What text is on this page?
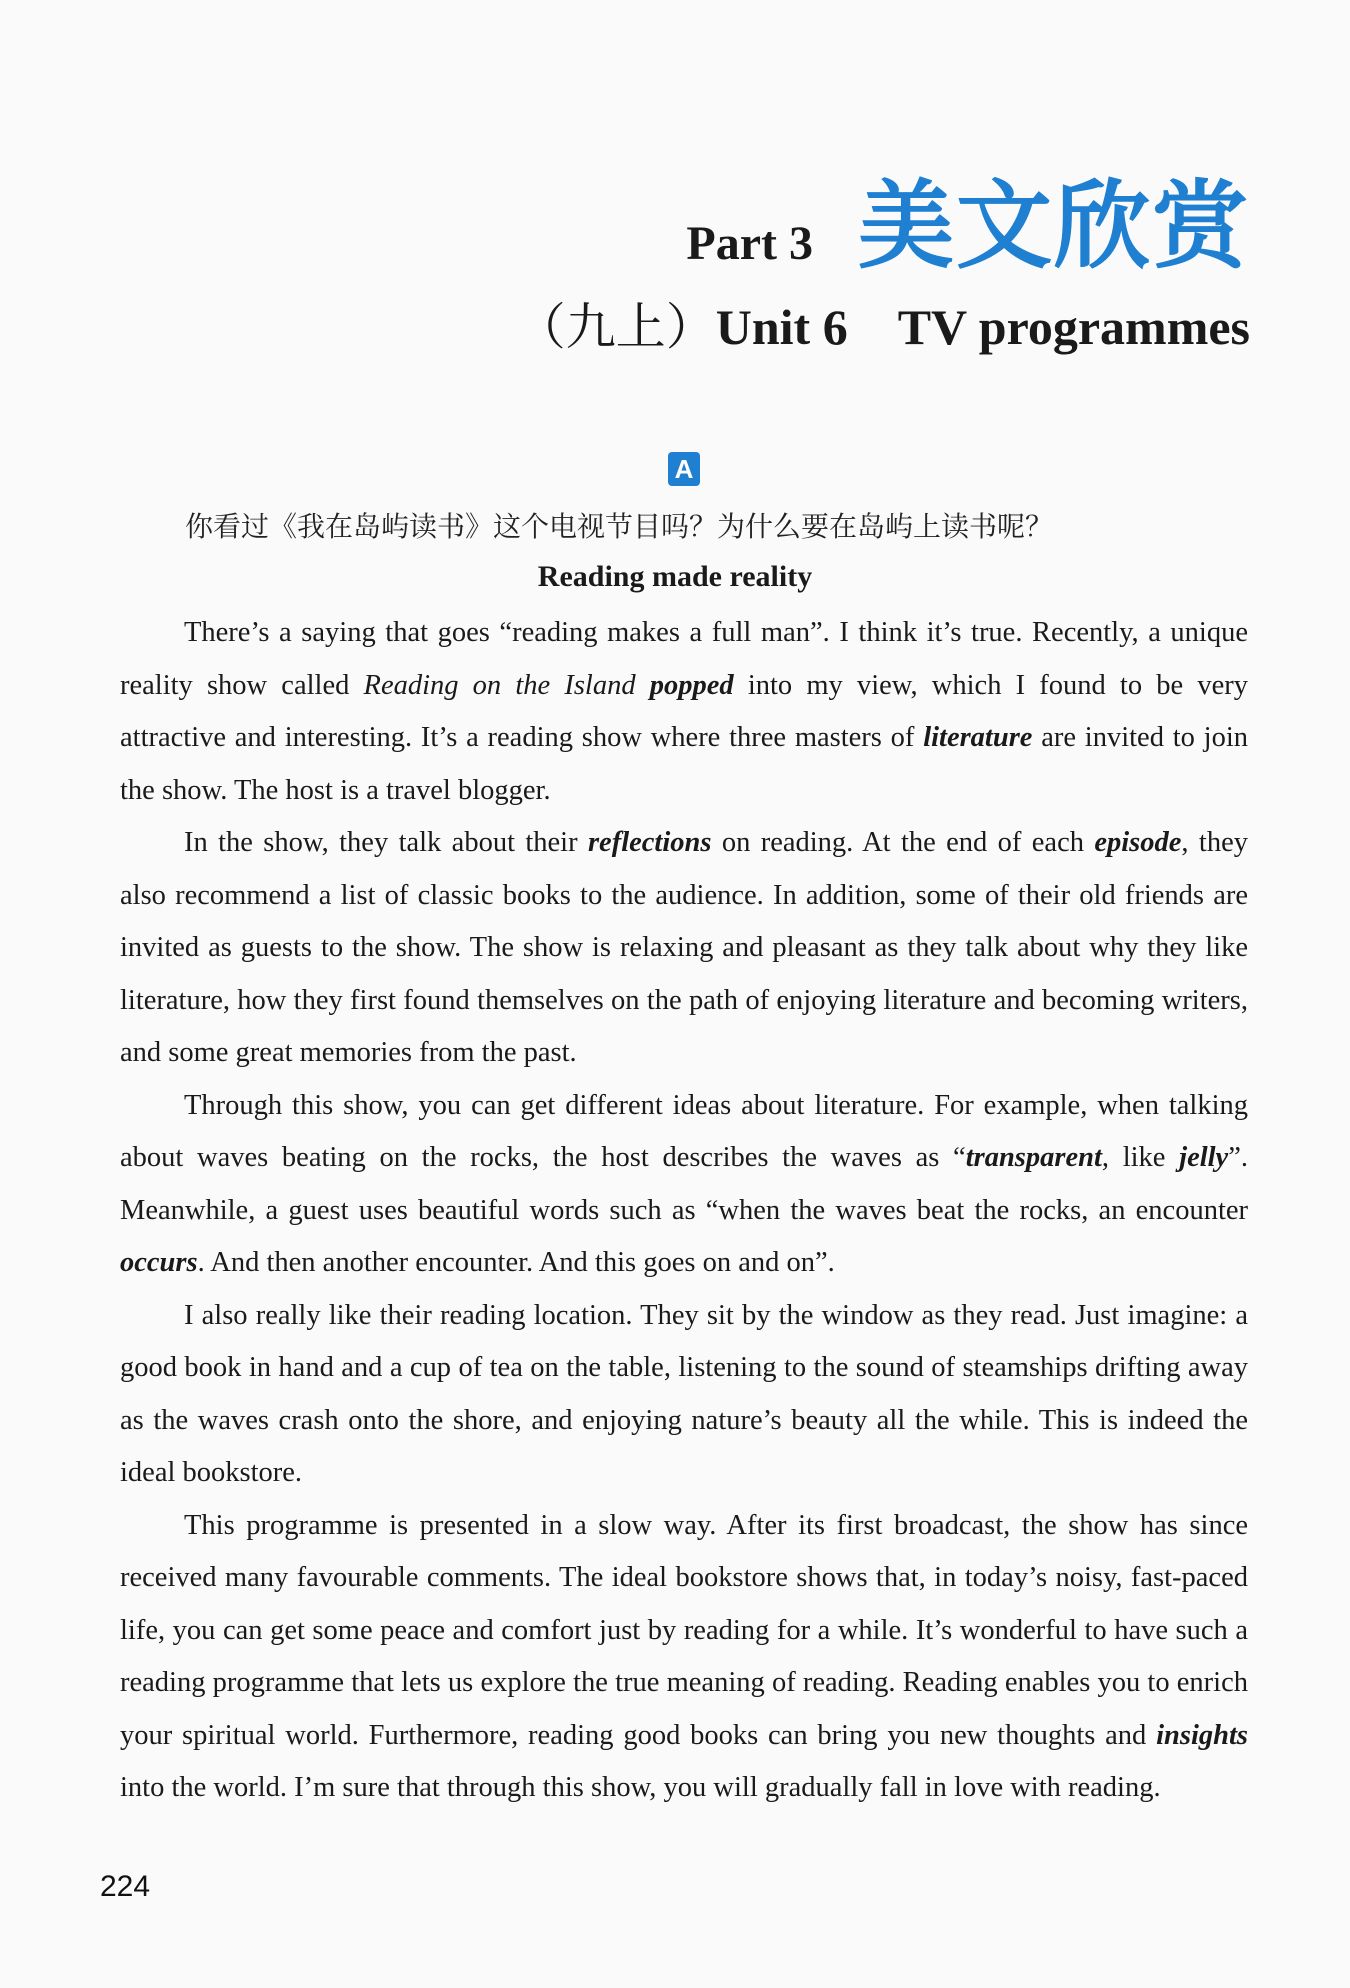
Part 3 美文欣赏
（九上）Unit 6 TV programmes
A
你看过《我在岛屿读书》这个电视节目吗？为什么要在岛屿上读书呢？
Reading made reality

There’s a saying that goes “reading makes a full man”. I think it’s true. Recently, a unique reality show called Reading on the Island popped into my view, which I found to be very attractive and interesting. It’s a reading show where three masters of literature are invited to join the show. The host is a travel blogger.

In the show, they talk about their reflections on reading. At the end of each episode, they also recommend a list of classic books to the audience. In addition, some of their old friends are invited as guests to the show. The show is relaxing and pleasant as they talk about why they like literature, how they first found themselves on the path of enjoying literature and becoming writers, and some great memories from the past.

Through this show, you can get different ideas about literature. For example, when talking about waves beating on the rocks, the host describes the waves as “transparent, like jelly”. Meanwhile, a guest uses beautiful words such as “when the waves beat the rocks, an encounter occurs. And then another encounter. And this goes on and on”.

I also really like their reading location. They sit by the window as they read. Just imagine: a good book in hand and a cup of tea on the table, listening to the sound of steamships drifting away as the waves crash onto the shore, and enjoying nature’s beauty all the while. This is indeed the ideal bookstore.

This programme is presented in a slow way. After its first broadcast, the show has since received many favourable comments. The ideal bookstore shows that, in today’s noisy, fast-paced life, you can get some peace and comfort just by reading for a while. It’s wonderful to have such a reading programme that lets us explore the true meaning of reading. Reading enables you to enrich your spiritual world. Furthermore, reading good books can bring you new thoughts and insights into the world. I’m sure that through this show, you will gradually fall in love with reading.

224
